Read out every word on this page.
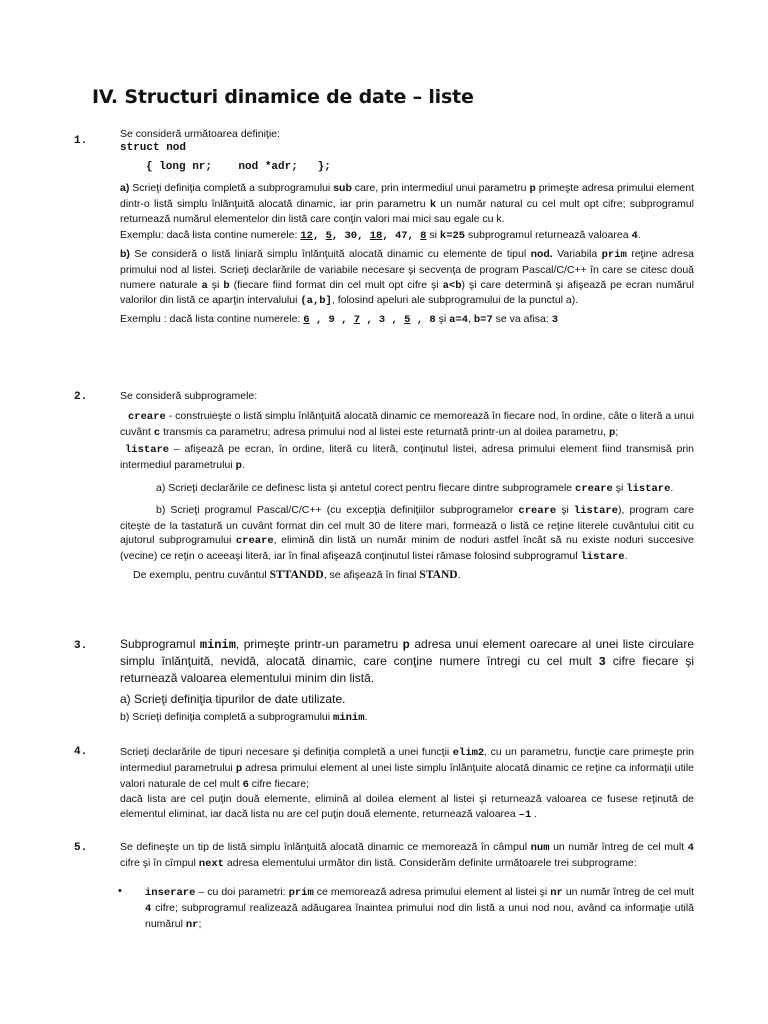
IV. Structuri dinamice de date – liste
1.

Se consideră următoarea definiţie:

struct nod

{ long nr;    nod *adr;   };

a) Scrieţi definiţia completă a subprogramului sub care, prin intermediul unui parametru p primeşte adresa primului element dintr-o listă simplu înlănţuită alocată dinamic, iar prin parametru k un număr natural cu cel mult opt cifre; subprogramul returnează numărul elementelor din listă care conţin valori mai mici sau egale cu k.

Exemplu: dacă lista contine numerele: 12, 5, 30, 18, 47, 8 si k=25 subprogramul returnează valoarea 4.

b) Se consideră o listă liniară simplu înlănţuită alocată dinamic cu elemente de tipul nod. Variabila prim reţine adresa primului nod al listei. Scrieţi declarările de variabile necesare şi secvenţa de program Pascal/C/C++ în care se citesc două numere naturale a şi b (fiecare fiind format din cel mult opt cifre şi a<b) şi care determină şi afişează pe ecran numărul valorilor din listă ce aparţin intervalului (a,b], folosind apeluri ale subprogramului de la punctul a).

Exemplu : dacă lista contine numerele: 6 , 9 , 7 , 3 , 5 , 8 şi a=4, b=7 se va afisa: 3

2.	Se consideră subprogramele:

creare - construieşte o listă simplu înlănţuită alocată dinamic ce memorează în fiecare nod, în ordine, câte o literă a unui cuvânt c transmis ca parametru; adresa primului nod al listei este returnată printr-un al doilea parametru, p;

listare – afişează pe ecran, în ordine, literă cu literă, conţinutul listei, adresa primului element fiind transmisă prin intermediul parametrului p.

a) Scrieţi declarările ce definesc lista şi antetul corect pentru fiecare dintre subprogramele creare şi listare.

b) Scrieţi programul Pascal/C/C++ (cu excepţia definiţiilor subprogramelor creare şi listare), program care citeşte de la tastatură un cuvânt format din cel mult 30 de litere mari, formează o listă ce reţine literele cuvântului citit cu ajutorul subprogramului creare, elimină din listă un număr minim de noduri astfel încât să nu existe noduri succesive (vecine) ce reţin o aceeaşi literă, iar în final afişează conţinutul listei rămase folosind subprogramul listare.

De exemplu, pentru cuvântul STTANDD, se afişează în final STAND.

3.	Subprogramul minim, primeşte printr-un parametru p adresa unui element oarecare al unei liste circulare simplu înlănţuită, nevidă, alocată dinamic, care conţine numere întregi cu cel mult 3 cifre fiecare şi returnează valoarea elementului minim din listă.

a) Scrieţi definiţia tipurilor de date utilizate.

b) Scrieţi definiţia completă a subprogramului minim.

4.	Scrieţi declarările de tipuri necesare şi definiţia completă a unei funcţii elim2, cu un parametru, funcţie care primeşte prin intermediul parametrului p adresa primului element al unei liste simplu înlănţuite alocată dinamic ce reţine ca informaţii utile valori naturale de cel mult 6 cifre fiecare;

dacă lista are cel puţin două elemente, elimină al doilea element al listei şi returnează valoarea ce fusese reţinută de elementul eliminat, iar dacă lista nu are cel puţin două elemente, returnează valoarea –1 .

5.	Se defineşte un tip de listă simplu înlănţuită alocată dinamic ce memorează în câmpul num un număr întreg de cel mult 4 cifre şi în cîmpul next adresa elementului următor din listă. Considerăm definite următoarele trei subprograme:

• inserare – cu doi parametri: prim ce memorează adresa primului element al listei şi nr un număr întreg de cel mult 4 cifre; subprogramul realizează adăugarea înaintea primului nod din listă a unui nod nou, având ca informaţie utilă numărul nr;
